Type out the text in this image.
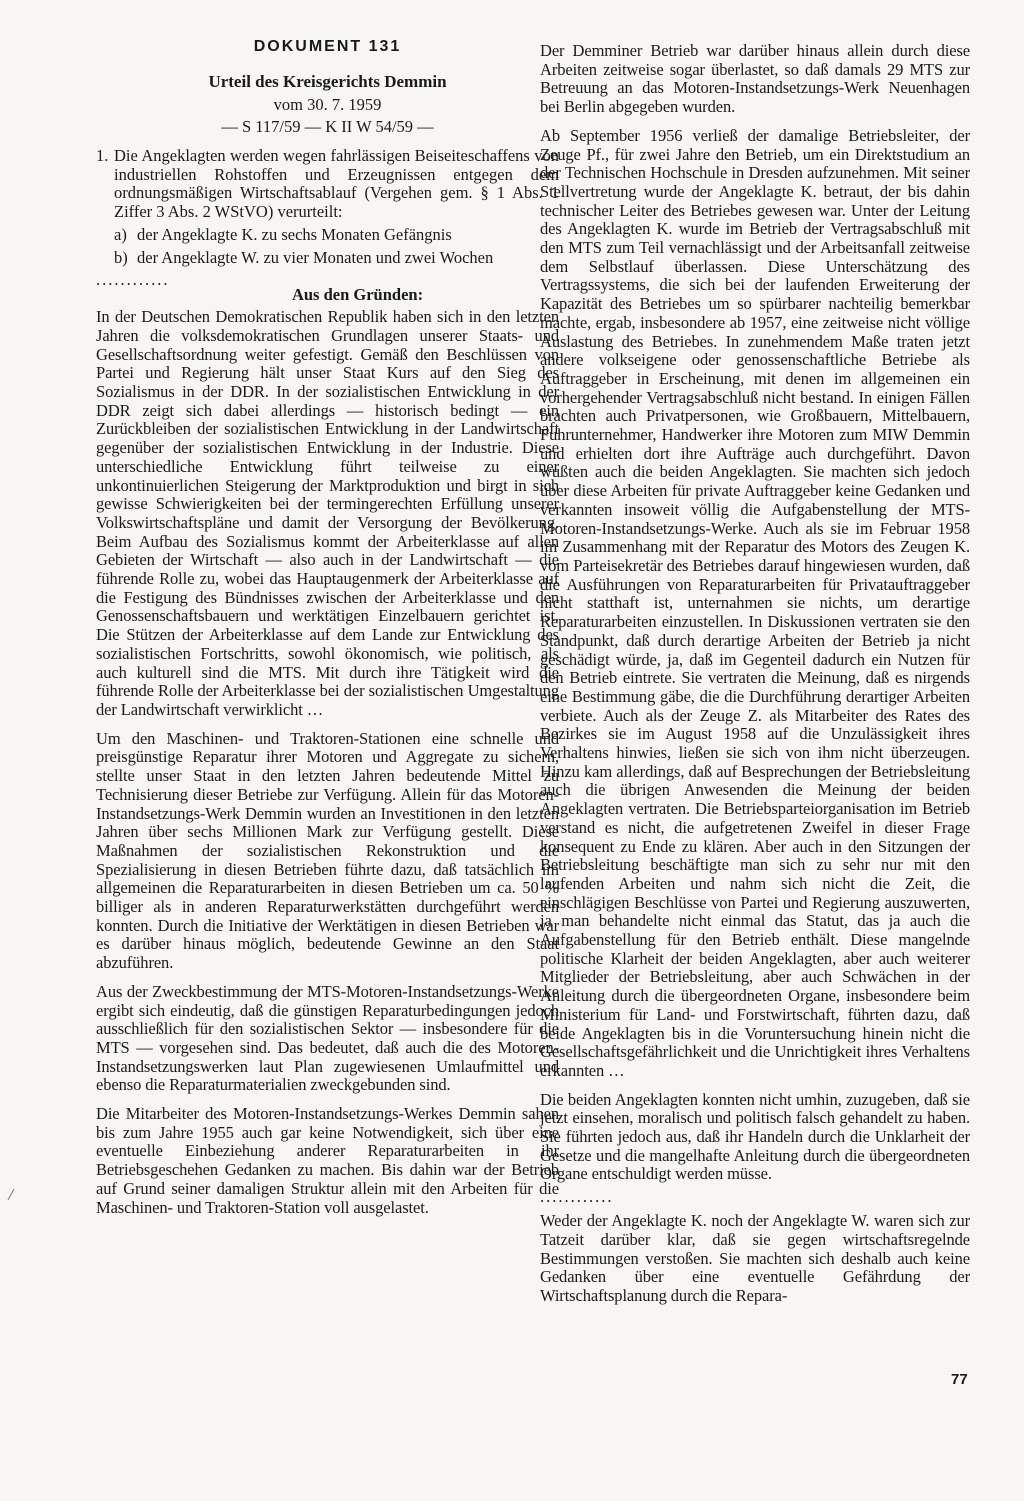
DOKUMENT 131
Urteil des Kreisgerichts Demmin
vom 30. 7. 1959
— S 117/59 — K II W 54/59 —
1. Die Angeklagten werden wegen fahrlässigen Beiseiteschaffens von industriellen Rohstoffen und Erzeugnissen entgegen dem ordnungsmäßigen Wirtschaftsablauf (Vergehen gem. § 1 Abs. 1 Ziffer 3 Abs. 2 WStVO) verurteilt:
a) der Angeklagte K. zu sechs Monaten Gefängnis
b) der Angeklagte W. zu vier Monaten und zwei Wochen
............
Aus den Gründen:

In der Deutschen Demokratischen Republik haben sich in den letzten Jahren die volksdemokratischen Grundlagen unserer Staats- und Gesellschaftsordnung weiter gefestigt. Gemäß den Beschlüssen von Partei und Regierung hält unser Staat Kurs auf den Sieg des Sozialismus in der DDR. In der sozialistischen Entwicklung in der DDR zeigt sich dabei allerdings — historisch bedingt — ein Zurückbleiben der sozialistischen Entwicklung in der Landwirtschaft gegenüber der sozialistischen Entwicklung in der Industrie. Diese unterschiedliche Entwicklung führt teilweise zu einer unkontinuierlichen Steigerung der Marktproduktion und birgt in sich gewisse Schwierigkeiten bei der termingerechten Erfüllung unserer Volkswirtschaftspläne und damit der Versorgung der Bevölkerung. Beim Aufbau des Sozialismus kommt der Arbeiterklasse auf allen Gebieten der Wirtschaft — also auch in der Landwirtschaft — die führende Rolle zu, wobei das Hauptaugenmerk der Arbeiterklasse auf die Festigung des Bündnisses zwischen der Arbeiterklasse und den Genossenschaftsbauern und werktätigen Einzelbauern gerichtet ist. Die Stützen der Arbeiterklasse auf dem Lande zur Entwicklung des sozialistischen Fortschritts, sowohl ökonomisch, wie politisch, als auch kulturell sind die MTS. Mit durch ihre Tätigkeit wird die führende Rolle der Arbeiterklasse bei der sozialistischen Umgestaltung der Landwirtschaft verwirklicht …

Um den Maschinen- und Traktoren-Stationen eine schnelle und preisgünstige Reparatur ihrer Motoren und Aggregate zu sichern, stellte unser Staat in den letzten Jahren bedeutende Mittel zu Technisierung dieser Betriebe zur Verfügung. Allein für das Motoren-Instandsetzungs-Werk Demmin wurden an Investitionen in den letzten Jahren über sechs Millionen Mark zur Verfügung gestellt. Diese Maßnahmen der sozialistischen Rekonstruktion und die Spezialisierung in diesen Betrieben führte dazu, daß tatsächlich im allgemeinen die Reparaturarbeiten in diesen Betrieben um ca. 50 % billiger als in anderen Reparaturwerkstätten durchgeführt werden konnten. Durch die Initiative der Werktätigen in diesen Betrieben war es darüber hinaus möglich, bedeutende Gewinne an den Staat abzuführen.

Aus der Zweckbestimmung der MTS-Motoren-Instandsetzungs-Werke ergibt sich eindeutig, daß die günstigen Reparaturbedingungen jedoch ausschließlich für den sozialistischen Sektor — insbesondere für die MTS — vorgesehen sind. Das bedeutet, daß auch die des Motoren-Instandsetzungswerken laut Plan zugewiesenen Umlaufmittel und ebenso die Reparaturmaterialien zweckgebunden sind.

Die Mitarbeiter des Motoren-Instandsetzungs-Werkes Demmin sahen bis zum Jahre 1955 auch gar keine Notwendigkeit, sich über eine eventuelle Einbeziehung anderer Reparaturarbeiten in ihr Betriebsgeschehen Gedanken zu machen. Bis dahin war der Betrieb auf Grund seiner damaligen Struktur allein mit den Arbeiten für die Maschinen- und Traktoren-Station voll ausgelastet.

Der Demminer Betrieb war darüber hinaus allein durch diese Arbeiten zeitweise sogar überlastet, so daß damals 29 MTS zur Betreuung an das Motoren-Instandsetzungs-Werk Neuenhagen bei Berlin abgegeben wurden.

Ab September 1956 verließ der damalige Betriebsleiter, der Zeuge Pf., für zwei Jahre den Betrieb, um ein Direktstudium an der Technischen Hochschule in Dresden aufzunehmen. Mit seiner Stellvertretung wurde der Angeklagte K. betraut, der bis dahin technischer Leiter des Betriebes gewesen war. Unter der Leitung des Angeklagten K. wurde im Betrieb der Vertragsabschluß mit den MTS zum Teil vernachlässigt und der Arbeitsanfall zeitweise dem Selbstlauf überlassen. Diese Unterschätzung des Vertragssystems, die sich bei der laufenden Erweiterung der Kapazität des Betriebes um so spürbarer nachteilig bemerkbar machte, ergab, insbesondere ab 1957, eine zeitweise nicht völlige Auslastung des Betriebes. In zunehmendem Maße traten jetzt andere volkseigene oder genossenschaftliche Betriebe als Auftraggeber in Erscheinung, mit denen im allgemeinen ein vorhergehender Vertragsabschluß nicht bestand. In einigen Fällen brachten auch Privatpersonen, wie Großbauern, Mittelbauern, Fuhrunternehmer, Handwerker ihre Motoren zum MIW Demmin und erhielten dort ihre Aufträge auch durchgeführt. Davon wußten auch die beiden Angeklagten. Sie machten sich jedoch über diese Arbeiten für private Auftraggeber keine Gedanken und verkannten insoweit völlig die Aufgabenstellung der MTS-Motoren-Instandsetzungs-Werke. Auch als sie im Februar 1958 im Zusammenhang mit der Reparatur des Motors des Zeugen K. vom Parteisekretär des Betriebes darauf hingewiesen wurden, daß die Ausführungen von Reparaturarbeiten für Privatauftraggeber nicht statthaft ist, unternahmen sie nichts, um derartige Reparaturarbeiten einzustellen. In Diskussionen vertraten sie den Standpunkt, daß durch derartige Arbeiten der Betrieb ja nicht geschädigt würde, ja, daß im Gegenteil dadurch ein Nutzen für den Betrieb eintrete. Sie vertraten die Meinung, daß es nirgends eine Bestimmung gäbe, die die Durchführung derartiger Arbeiten verbiete. Auch als der Zeuge Z. als Mitarbeiter des Rates des Bezirkes sie im August 1958 auf die Unzulässigkeit ihres Verhaltens hinwies, ließen sie sich von ihm nicht überzeugen. Hinzu kam allerdings, daß auf Besprechungen der Betriebsleitung auch die übrigen Anwesenden die Meinung der beiden Angeklagten vertraten. Die Betriebsparteiorganisation im Betrieb verstand es nicht, die aufgetretenen Zweifel in dieser Frage konsequent zu Ende zu klären. Aber auch in den Sitzungen der Betriebsleitung beschäftigte man sich zu sehr nur mit den laufenden Arbeiten und nahm sich nicht die Zeit, die einschlägigen Beschlüsse von Partei und Regierung auszuwerten, ja man behandelte nicht einmal das Statut, das ja auch die Aufgabenstellung für den Betrieb enthält. Diese mangelnde politische Klarheit der beiden Angeklagten, aber auch weiterer Mitglieder der Betriebsleitung, aber auch Schwächen in der Anleitung durch die übergeordneten Organe, insbesondere beim Ministerium für Land- und Forstwirtschaft, führten dazu, daß beide Angeklagten bis in die Voruntersuchung hinein nicht die Gesellschaftsgefährlichkeit und die Unrichtigkeit ihres Verhaltens erkannten …

Die beiden Angeklagten konnten nicht umhin, zuzugeben, daß sie jetzt einsehen, moralisch und politisch falsch gehandelt zu haben. Sie führten jedoch aus, daß ihr Handeln durch die Unklarheit der Gesetze und die mangelhafte Anleitung durch die übergeordneten Organe entschuldigt werden müsse.

............

Weder der Angeklagte K. noch der Angeklagte W. waren sich zur Tatzeit darüber klar, daß sie gegen wirtschaftsregelnde Bestimmungen verstoßen. Sie machten sich deshalb auch keine Gedanken über eine eventuelle Gefährdung der Wirtschaftsplanung durch die Repara-

77
